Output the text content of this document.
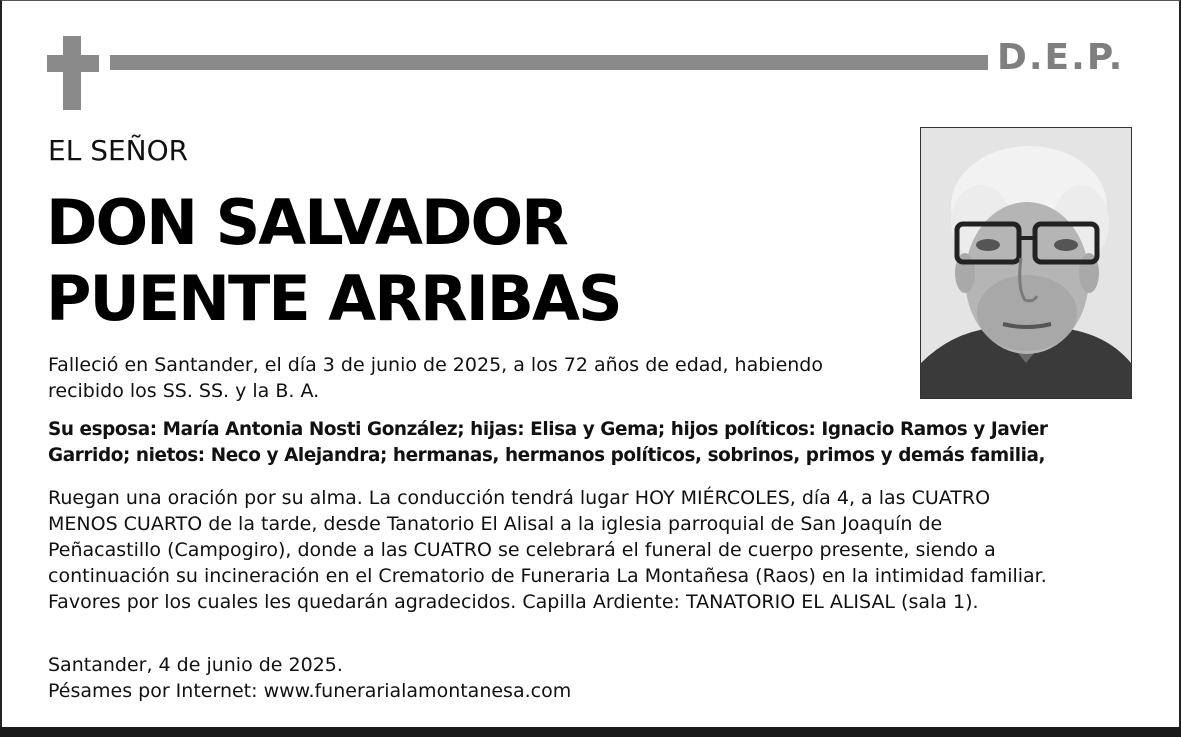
D.E.P.
EL SEÑOR
DON SALVADOR
PUENTE ARRIBAS
Falleció en Santander, el día 3 de junio de 2025, a los 72 años de edad, habiendo
recibido los SS. SS. y la B. A.
Su esposa: María Antonia Nosti González; hijas: Elisa y Gema; hijos políticos: Ignacio Ramos y Javier
Garrido; nietos: Neco y Alejandra; hermanas, hermanos políticos, sobrinos, primos y demás familia,
Ruegan una oración por su alma. La conducción tendrá lugar HOY MIÉRCOLES, día 4, a las CUATRO
MENOS CUARTO de la tarde, desde Tanatorio El Alisal a la iglesia parroquial de San Joaquín de
Peñacastillo (Campogiro), donde a las CUATRO se celebrará el funeral de cuerpo presente, siendo a
continuación su incineración en el Crematorio de Funeraria La Montañesa (Raos) en la intimidad familiar.
Favores por los cuales les quedarán agradecidos. Capilla Ardiente: TANATORIO EL ALISAL (sala 1).
Santander, 4 de junio de 2025.
Pésames por Internet: www.funerarialamontanesa.com
